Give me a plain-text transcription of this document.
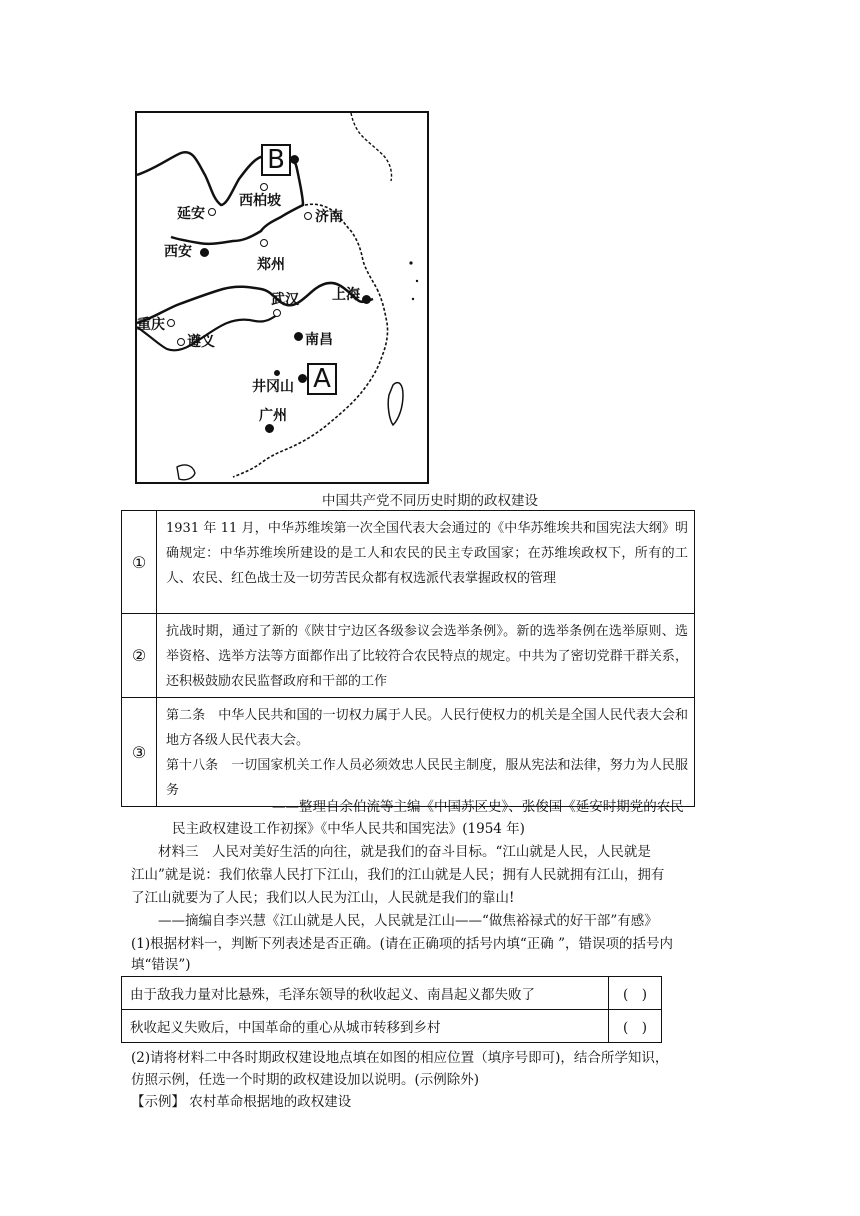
B
西柏坡
延安	济南
西安
郑州
武汉 上海
重庆
遵义	南昌
井冈山 A
广州
中国共产党不同历史时期的政权建设
①	1931 年 11 月，中华苏维埃第一次全国代表大会通过的《中华苏维埃共和国宪法大纲》明确规定：中华苏维埃所建设的是工人和农民的民主专政国家；在苏维埃政权下，所有的工人、农民、红色战士及一切劳苦民众都有权选派代表掌握政权的管理
②	抗战时期，通过了新的《陕甘宁边区各级参议会选举条例》。新的选举条例在选举原则、选举资格、选举方法等方面都作出了比较符合农民特点的规定。中共为了密切党群干群关系，还积极鼓励农民监督政府和干部的工作
③	第二条　中华人民共和国的一切权力属于人民。人民行使权力的机关是全国人民代表大会和地方各级人民代表大会。
第十八条　一切国家机关工作人员必须效忠人民民主制度，服从宪法和法律，努力为人民服务
——整理自余伯流等主编《中国苏区史》、张俊国《延安时期党的农民
民主政权建设工作初探》《中华人民共和国宪法》(1954 年)
材料三　人民对美好生活的向往，就是我们的奋斗目标。“江山就是人民，人民就是
江山”就是说：我们依靠人民打下江山，我们的江山就是人民；拥有人民就拥有江山，拥有
了江山就要为了人民；我们以人民为江山，人民就是我们的靠山!
——摘编自李兴慧《江山就是人民，人民就是江山——“做焦裕禄式的好干部”有感》
(1)根据材料一，判断下列表述是否正确。(请在正确项的括号内填“正确 ”，错误项的括号内
填“错误”)
由于敌我力量对比悬殊，毛泽东领导的秋收起义、南昌起义都失败了	(　)
秋收起义失败后，中国革命的重心从城市转移到乡村	(　)
(2)请将材料二中各时期政权建设地点填在如图的相应位置（填序号即可)，结合所学知识，
仿照示例，任选一个时期的政权建设加以说明。(示例除外)
【示例】 农村革命根据地的政权建设
